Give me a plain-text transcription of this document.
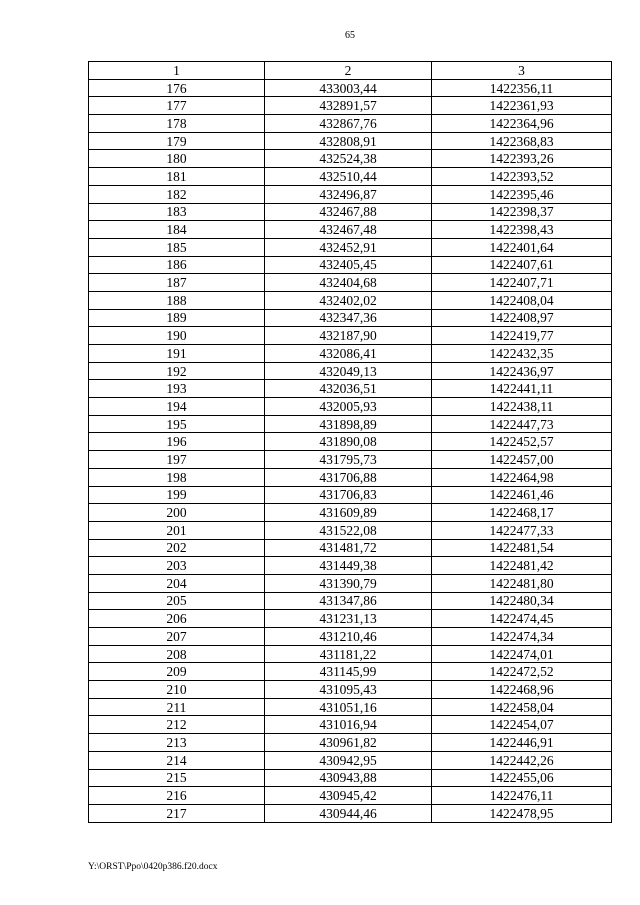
65
1	2	3
176	433003,44	1422356,11
177	432891,57	1422361,93
178	432867,76	1422364,96
179	432808,91	1422368,83
180	432524,38	1422393,26
181	432510,44	1422393,52
182	432496,87	1422395,46
183	432467,88	1422398,37
184	432467,48	1422398,43
185	432452,91	1422401,64
186	432405,45	1422407,61
187	432404,68	1422407,71
188	432402,02	1422408,04
189	432347,36	1422408,97
190	432187,90	1422419,77
191	432086,41	1422432,35
192	432049,13	1422436,97
193	432036,51	1422441,11
194	432005,93	1422438,11
195	431898,89	1422447,73
196	431890,08	1422452,57
197	431795,73	1422457,00
198	431706,88	1422464,98
199	431706,83	1422461,46
200	431609,89	1422468,17
201	431522,08	1422477,33
202	431481,72	1422481,54
203	431449,38	1422481,42
204	431390,79	1422481,80
205	431347,86	1422480,34
206	431231,13	1422474,45
207	431210,46	1422474,34
208	431181,22	1422474,01
209	431145,99	1422472,52
210	431095,43	1422468,96
211	431051,16	1422458,04
212	431016,94	1422454,07
213	430961,82	1422446,91
214	430942,95	1422442,26
215	430943,88	1422455,06
216	430945,42	1422476,11
217	430944,46	1422478,95
Y:\ORST\Ppo\0420p386.f20.docx
